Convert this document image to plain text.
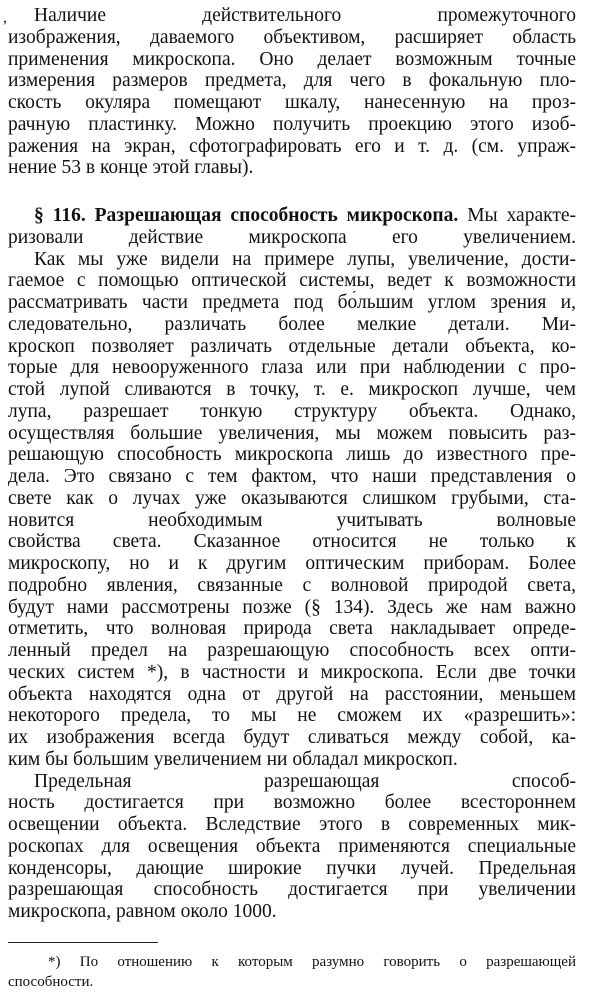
, Наличие действительного промежуточного
изображения, даваемого объективом, расширяет область
применения микроскопа. Оно делает возможным точные
измерения размеров предмета, для чего в фокальную пло-
скость окуляра помещают шкалу, нанесенную на проз-
рачную пластинку. Можно получить проекцию этого изоб-
ражения на экран, сфотографировать его и т. д. (см. упраж-
нение 53 в конце этой главы).
§ 116. Разрешающая способность микроскопа. Мы характе-
ризовали действие микроскопа его увеличением.
Как мы уже видели на примере лупы, увеличение, дости-
гаемое с помощью оптической системы, ведет к возможности
рассматривать части предмета под бо́льшим углом зрения и,
следовательно, различать более мелкие детали. Ми-
кроскоп позволяет различать отдельные детали объекта, ко-
торые для невооруженного глаза или при наблюдении с про-
стой лупой сливаются в точку, т. е. микроскоп лучше, чем
лупа, разрешает тонкую структуру объекта. Однако,
осуществляя большие увеличения, мы можем повысить раз-
решающую способность микроскопа лишь до известного пре-
дела. Это связано с тем фактом, что наши представления о
свете как о лучах уже оказываются слишком грубыми, ста-
новится необходимым учитывать волновые
свойства света. Сказанное относится не только к
микроскопу, но и к другим оптическим приборам. Более
подробно явления, связанные с волновой природой света,
будут нами рассмотрены позже (§ 134). Здесь же нам важно
отметить, что волновая природа света накладывает опреде-
ленный предел на разрешающую способность всех опти-
ческих систем *), в частности и микроскопа. Если две точки
объекта находятся одна от другой на расстоянии, меньшем
некоторого предела, то мы не сможем их «разрешить»:
их изображения всегда будут сливаться между собой, ка-
ким бы большим увеличением ни обладал микроскоп.
Предельная разрешающая способ-
ность достигается при возможно более всестороннем
освещении объекта. Вследствие этого в современных мик-
роскопах для освещения объекта применяются специальные
конденсоры, дающие широкие пучки лучей. Предельная
разрешающая способность достигается при увеличении
микроскопа, равном около 1000.
*) По отношению к которым разумно говорить о разрешающей
способности.
